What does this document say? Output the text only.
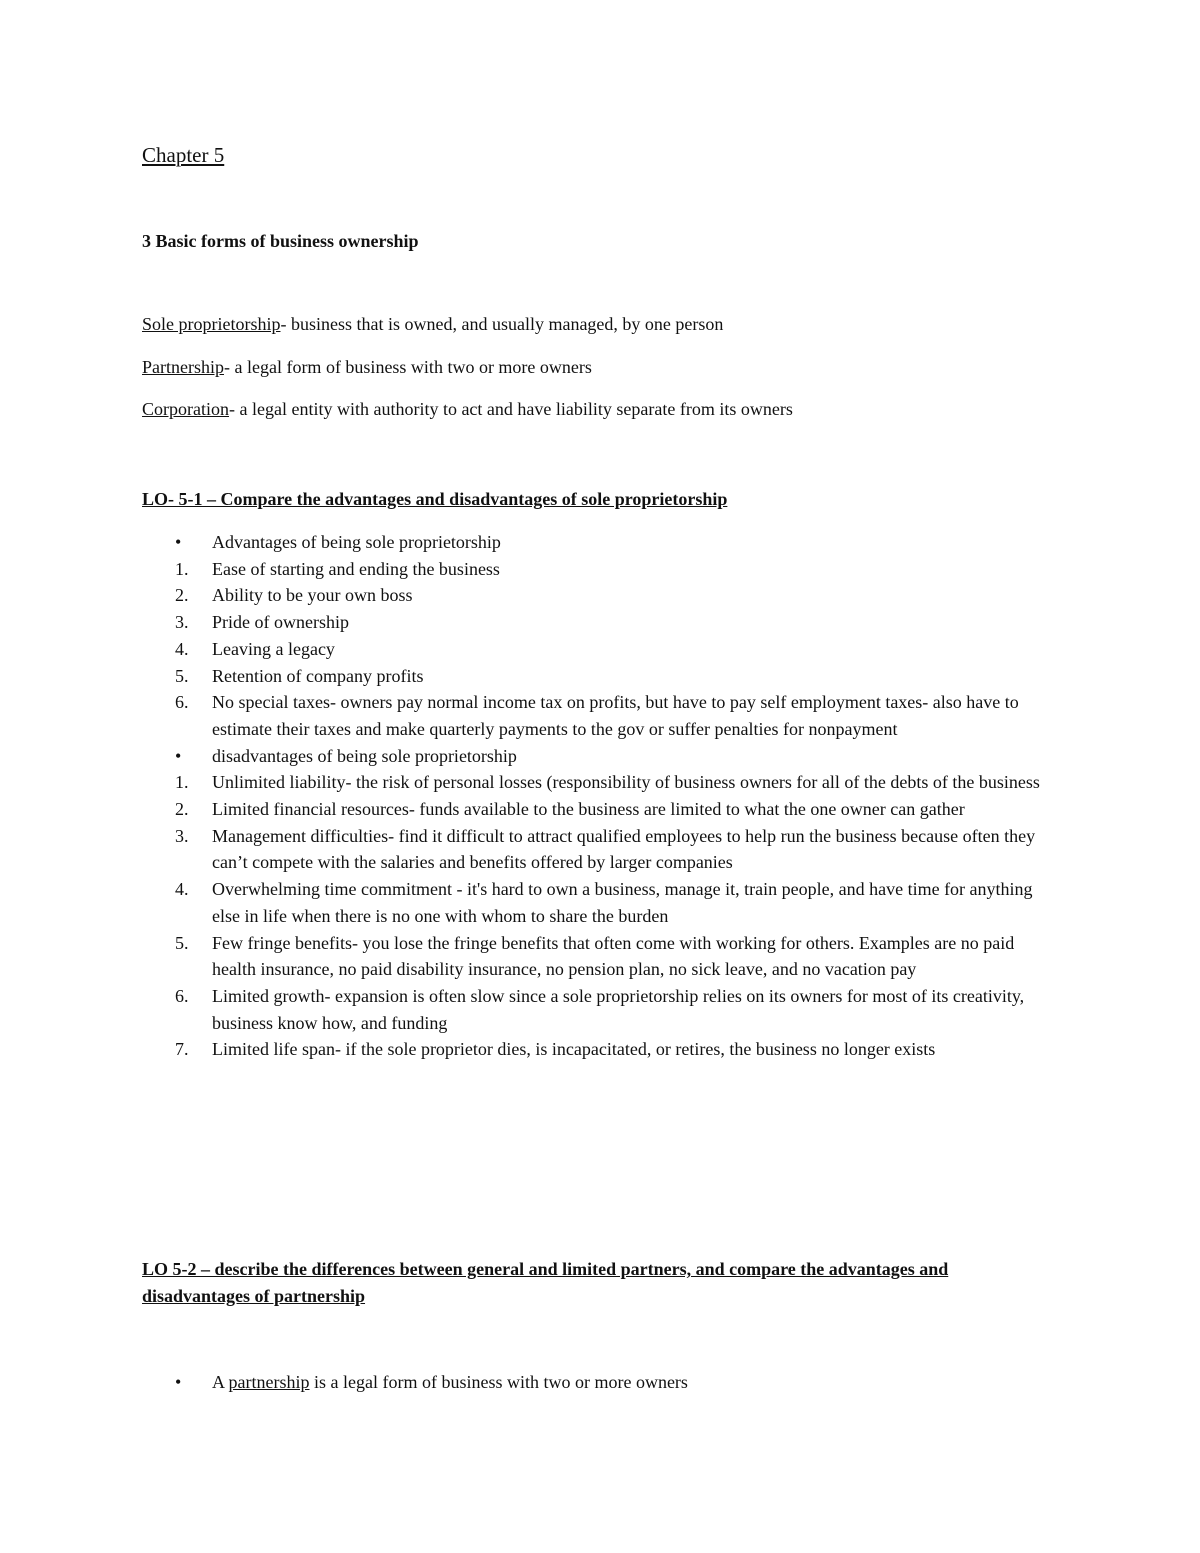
Chapter 5
3 Basic forms of business ownership

Sole proprietorship- business that is owned, and usually managed, by one person

Partnership- a legal form of business with two or more owners

Corporation- a legal entity with authority to act and have liability separate from its owners

LO- 5-1 – Compare the advantages and disadvantages of sole proprietorship
• Advantages of being sole proprietorship
1. Ease of starting and ending the business
2. Ability to be your own boss
3. Pride of ownership
4. Leaving a legacy
5. Retention of company profits
6. No special taxes- owners pay normal income tax on profits, but have to pay self employment taxes- also have to estimate their taxes and make quarterly payments to the gov or suffer penalties for nonpayment
• disadvantages of being sole proprietorship
1. Unlimited liability- the risk of personal losses (responsibility of business owners for all of the debts of the business
2. Limited financial resources- funds available to the business are limited to what the one owner can gather
3. Management difficulties- find it difficult to attract qualified employees to help run the business because often they can’t compete with the salaries and benefits offered by larger companies
4. Overwhelming time commitment - it's hard to own a business, manage it, train people, and have time for anything else in life when there is no one with whom to share the burden
5. Few fringe benefits- you lose the fringe benefits that often come with working for others. Examples are no paid health insurance, no paid disability insurance, no pension plan, no sick leave, and no vacation pay
6. Limited growth- expansion is often slow since a sole proprietorship relies on its owners for most of its creativity, business know how, and funding
7. Limited life span- if the sole proprietor dies, is incapacitated, or retires, the business no longer exists
LO 5-2 – describe the differences between general and limited partners, and compare the advantages and disadvantages of partnership
• A partnership is a legal form of business with two or more owners
